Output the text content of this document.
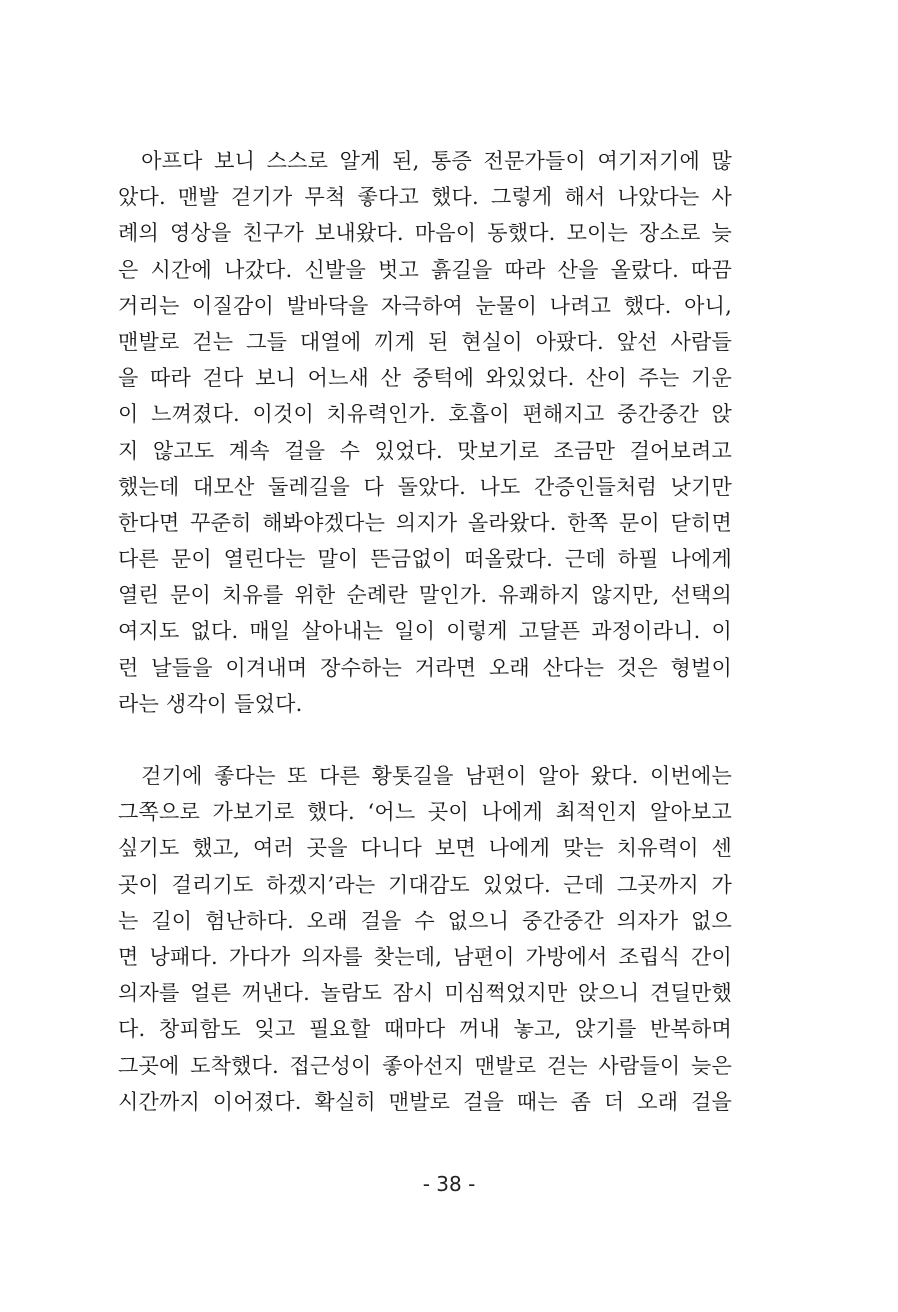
아프다 보니 스스로 알게 된, 통증 전문가들이 여기저기에 많
았다. 맨발 걷기가 무척 좋다고 했다. 그렇게 해서 나았다는 사
례의 영상을 친구가 보내왔다. 마음이 동했다. 모이는 장소로 늦
은 시간에 나갔다. 신발을 벗고 흙길을 따라 산을 올랐다. 따끔
거리는 이질감이 발바닥을 자극하여 눈물이 나려고 했다. 아니,
맨발로 걷는 그들 대열에 끼게 된 현실이 아팠다. 앞선 사람들
을 따라 걷다 보니 어느새 산 중턱에 와있었다. 산이 주는 기운
이 느껴졌다. 이것이 치유력인가. 호흡이 편해지고 중간중간 앉
지 않고도 계속 걸을 수 있었다. 맛보기로 조금만 걸어보려고
했는데 대모산 둘레길을 다 돌았다. 나도 간증인들처럼 낫기만
한다면 꾸준히 해봐야겠다는 의지가 올라왔다. 한쪽 문이 닫히면
다른 문이 열린다는 말이 뜬금없이 떠올랐다. 근데 하필 나에게
열린 문이 치유를 위한 순례란 말인가. 유쾌하지 않지만, 선택의
여지도 없다. 매일 살아내는 일이 이렇게 고달픈 과정이라니. 이
런 날들을 이겨내며 장수하는 거라면 오래 산다는 것은 형벌이
라는 생각이 들었다.
걷기에 좋다는 또 다른 황톳길을 남편이 알아 왔다. 이번에는
그쪽으로 가보기로 했다. ‘어느 곳이 나에게 최적인지 알아보고
싶기도 했고, 여러 곳을 다니다 보면 나에게 맞는 치유력이 센
곳이 걸리기도 하겠지’라는 기대감도 있었다. 근데 그곳까지 가
는 길이 험난하다. 오래 걸을 수 없으니 중간중간 의자가 없으
면 낭패다. 가다가 의자를 찾는데, 남편이 가방에서 조립식 간이
의자를 얼른 꺼낸다. 놀람도 잠시 미심쩍었지만 앉으니 견딜만했
다. 창피함도 잊고 필요할 때마다 꺼내 놓고, 앉기를 반복하며
그곳에 도착했다. 접근성이 좋아선지 맨발로 걷는 사람들이 늦은
시간까지 이어졌다. 확실히 맨발로 걸을 때는 좀 더 오래 걸을
- 38 -
